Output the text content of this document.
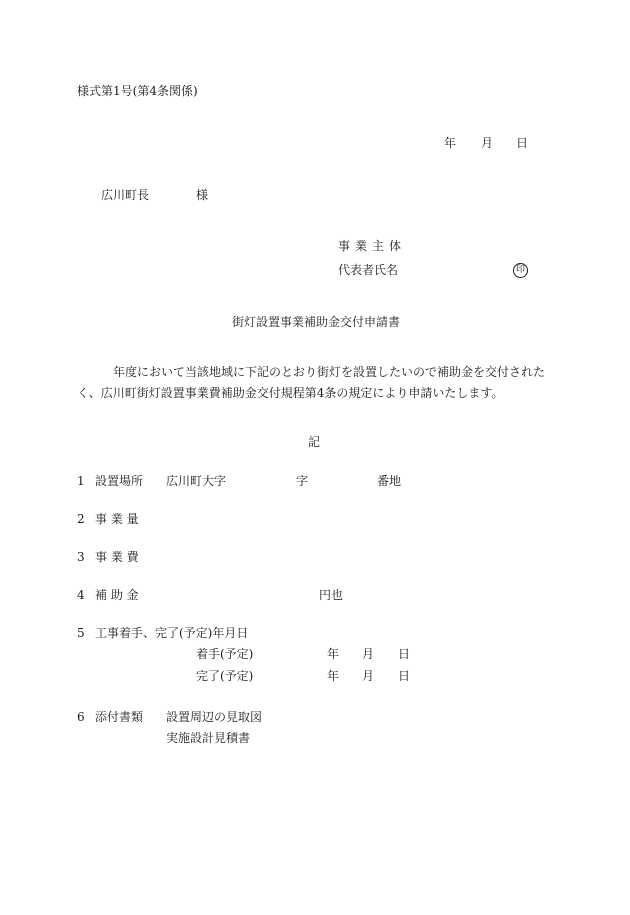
様式第1号(第4条関係)
年 月 日
広川町長	様
事業主体
代表者氏名	印
街灯設置事業補助金交付申請書
年度において当該地域に下記のとおり街灯を設置したいので補助金を交付された
く、広川町街灯設置事業費補助金交付規程第4条の規定により申請いたします。
記
1 設置場所 広川町大字	字	番地
2 事 業 量
3 事 業 費
4 補 助 金	円也
5 工事着手、完了(予定)年月日
着手(予定)	年 月 日
完了(予定)	年 月 日
6 添付書類 設置周辺の見取図
実施設計見積書
